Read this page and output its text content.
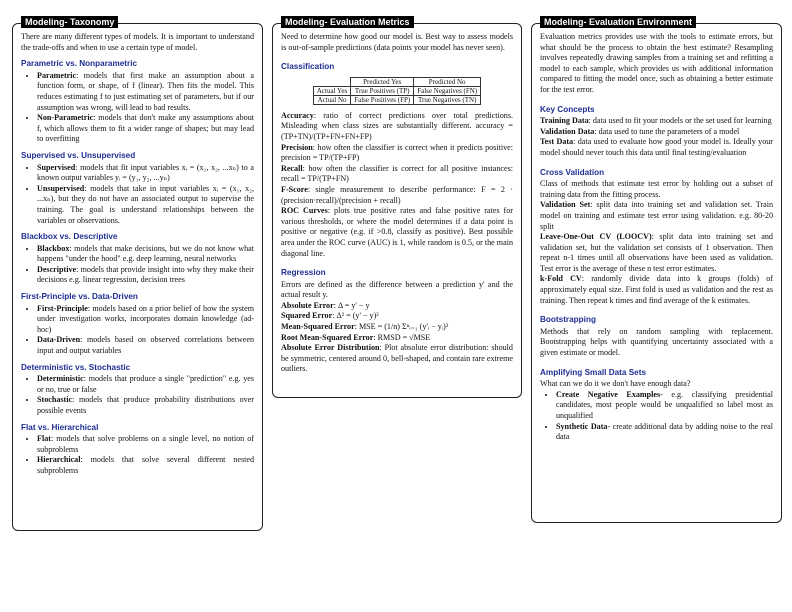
Modeling- Taxonomy

There are many different types of models. It is important to understand the trade-offs and when to use a certain type of model.

Parametric vs. Nonparametric
• Parametric: models that first make an assumption about a function form, or shape, of f (linear). Then fits the model. This reduces estimating f to just estimating set of parameters, but if our assumption was wrong, will lead to bad results.
• Non-Parametric: models that don't make any assumptions about f, which allows them to fit a wider range of shapes; but may lead to overfitting
Supervised vs. Unsupervised
• Supervised: models that fit input variables xᵢ = (x₁, x₂, ...xₙ) to a known output variables yᵢ = (y₁, y₂, ...yₙ)
• Unsupervised: models that take in input variables xᵢ = (x₁, x₂, ...xₙ), but they do not have an associated output to supervise the training. The goal is understand relationships between the variables or observations.
Blackbox vs. Descriptive
• Blackbox: models that make decisions, but we do not know what happens "under the hood" e.g. deep learning, neural networks
• Descriptive: models that provide insight into why they make their decisions e.g. linear regression, decision trees
First-Principle vs. Data-Driven
• First-Principle: models based on a prior belief of how the system under investigation works, incorporates domain knowledge (ad-hoc)
• Data-Driven: models based on observed correlations between input and output variables
Deterministic vs. Stochastic
• Deterministic: models that produce a single "prediction" e.g. yes or no, true or false
• Stochastic: models that produce probability distributions over possible events
Flat vs. Hierarchical
• Flat: models that solve problems on a single level, no notion of subproblems
• Hierarchical: models that solve several different nested subproblems
Modeling- Evaluation Metrics

Need to determine how good our model is. Best way to assess models is out-of-sample predictions (data points your model has never seen).

Classification
	Predicted Yes	Predicted No
Actual Yes	True Positives (TP)	False Negatives (FN)
Actual No	False Positives (FP)	True Negatives (TN)

Accuracy: ratio of correct predictions over total predictions. Misleading when class sizes are substantially different. accuracy = (TP+TN)/(TP+FN+FN+FP)

Precision: how often the classifier is correct when it predicts positive: precision = TP/(TP+FP)

Recall: how often the classifier is correct for all positive instances: recall = TP/(TP+FN)

F-Score: single measurement to describe performance: F = 2 · (precision·recall)/(precision + recall)

ROC Curves: plots true positive rates and false positive rates for various thresholds, or where the model determines if a data point is positive or negative (e.g. if >0.8, classify as positive). Best possible area under the ROC curve (AUC) is 1, while random is 0.5, or the main diagonal line.

Regression

Errors are defined as the difference between a prediction y' and the actual result y.

Absolute Error: Δ = y' − y

Squared Error: Δ² = (y' − y)²

Mean-Squared Error: MSE = (1/n) Σⁿᵢ₌₁ (y'ᵢ − yᵢ)²

Root Mean-Squared Error: RMSD = √MSE

Absolute Error Distribution: Plot absolute error distribution: should be symmetric, centered around 0, bell-shaped, and contain rare extreme outliers.

Modeling- Evaluation Environment

Evaluation metrics provides use with the tools to estimate errors, but what should be the process to obtain the best estimate? Resampling involves repeatedly drawing samples from a training set and refitting a model to each sample, which provides us with additional information compared to fitting the model once, such as obtaining a better estimate for the test error.

Key Concepts

Training Data: data used to fit your models or the set used for learning

Validation Data: data used to tune the parameters of a model

Test Data: data used to evaluate how good your model is. Ideally your model should never touch this data until final testing/evaluation

Cross Validation

Class of methods that estimate test error by holding out a subset of training data from the fitting process.

Validation Set: split data into training set and validation set. Train model on training and estimate test error using validation. e.g. 80-20 split

Leave-One-Out CV (LOOCV): split data into training set and validation set, but the validation set consists of 1 observation. Then repeat n-1 times until all observations have been used as validation. Test error is the average of these n test error estimates.

k-Fold CV: randomly divide data into k groups (folds) of approximately equal size. First fold is used as validation and the rest as training. Then repeat k times and find average of the k estimates.

Bootstrapping

Methods that rely on random sampling with replacement. Bootstrapping helps with quantifying uncertainty associated with a given estimate or model.

Amplifying Small Data Sets

What can we do it we don't have enough data?

• Create Negative Examples- e.g. classifying presidential candidates, most people would be unqualified so label most as unqualified
• Synthetic Data- create additional data by adding noise to the real data
